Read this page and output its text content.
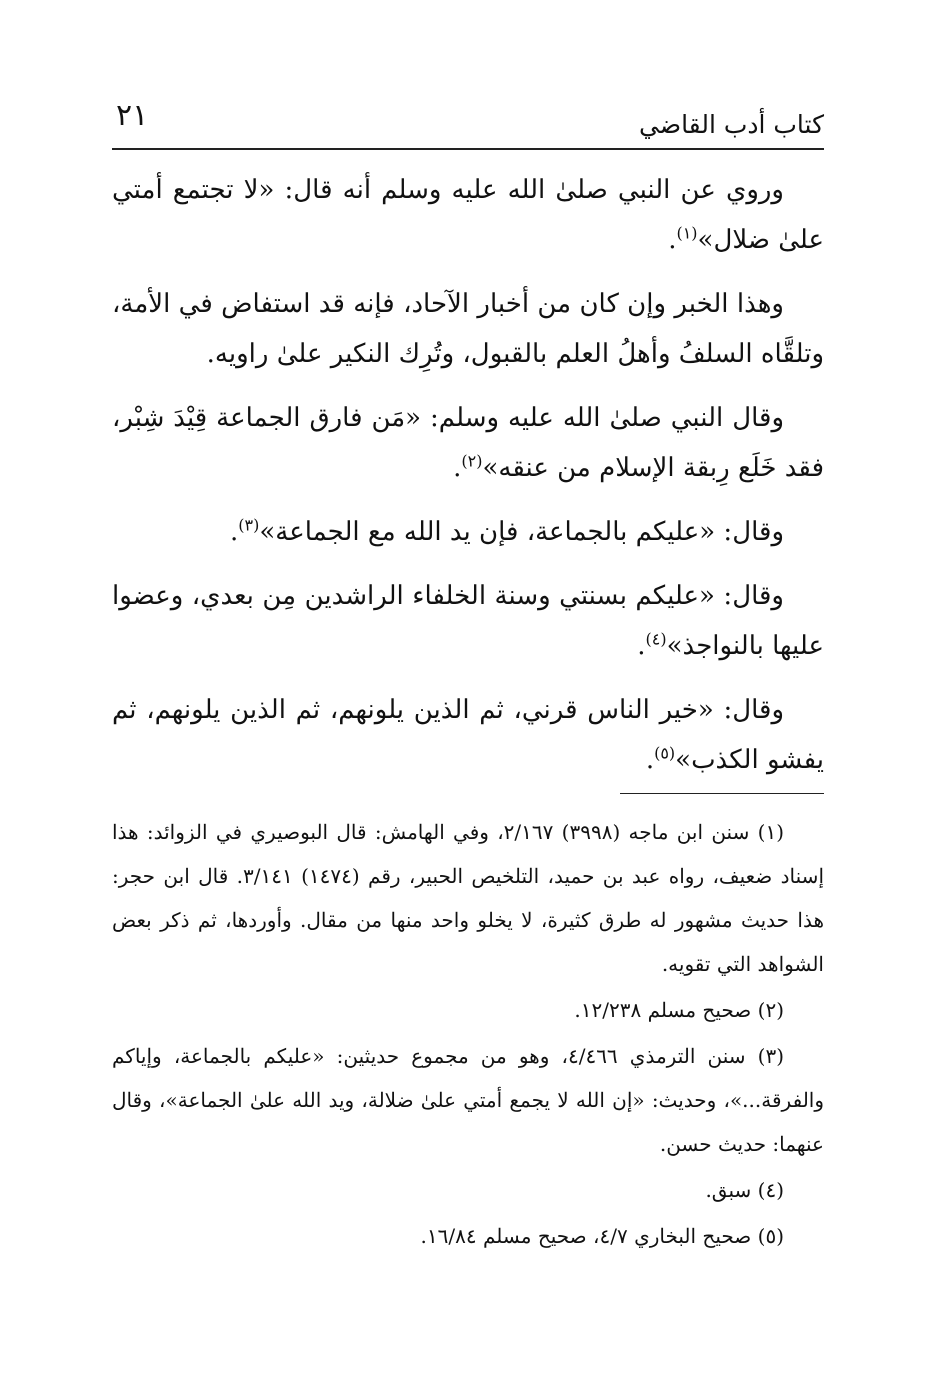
كتاب أدب القاضي
٢١

وروي عن النبي صلىٰ الله عليه وسلم أنه قال: «لا تجتمع أمتي علىٰ ضلال»$^{(١)}$.

وهذا الخبر وإن كان من أخبار الآحاد، فإنه قد استفاض في الأمة، وتلقَّاه السلفُ وأهلُ العلم بالقبول، وتُرِك النكير علىٰ راويه.

وقال النبي صلىٰ الله عليه وسلم: «مَن فارق الجماعة قِيْدَ شِبْر، فقد خَلَع رِبقة الإسلام من عنقه»$^{(٢)}$.

وقال: «عليكم بالجماعة، فإن يد الله مع الجماعة»$^{(٣)}$.

وقال: «عليكم بسنتي وسنة الخلفاء الراشدين مِن بعدي، وعضوا عليها بالنواجذ»$^{(٤)}$.

وقال: «خير الناس قرني، ثم الذين يلونهم، ثم الذين يلونهم، ثم يفشو الكذب»$^{(٥)}$.

(١) سنن ابن ماجه (٣٩٩٨) ٢/١٦٧، وفي الهامش: قال البوصيري في الزوائد: هذا إسناد ضعيف، رواه عبد بن حميد، التلخيص الحبير، رقم (١٤٧٤) ٣/١٤١. قال ابن حجر: هذا حديث مشهور له طرق كثيرة، لا يخلو واحد منها من مقال. وأوردها، ثم ذكر بعض الشواهد التي تقويه.

(٢) صحيح مسلم ١٢/٢٣٨.

(٣) سنن الترمذي ٤/٤٦٦، وهو من مجموع حديثين: «عليكم بالجماعة، وإياكم والفرقة...»، وحديث: «إن الله لا يجمع أمتي علىٰ ضلالة، ويد الله علىٰ الجماعة»، وقال عنهما: حديث حسن.

(٤) سبق.

(٥) صحيح البخاري ٤/٧، صحيح مسلم ١٦/٨٤.
